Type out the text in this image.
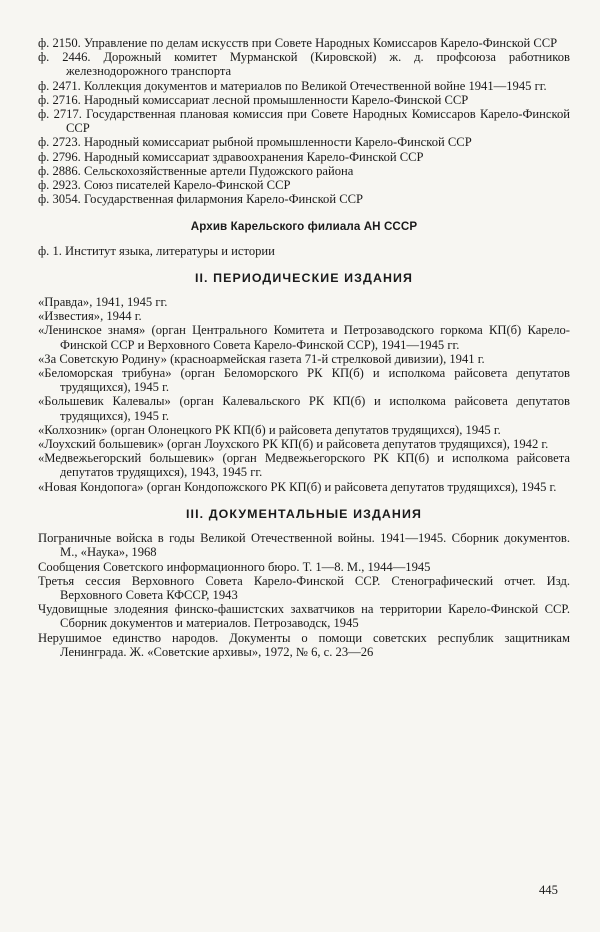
ф. 2150. Управление по делам искусств при Совете Народных Комиссаров Карело-Финской ССР

ф. 2446. Дорожный комитет Мурманской (Кировской) ж. д. профсоюза работников железнодорожного транспорта

ф. 2471. Коллекция документов и материалов по Великой Отечественной войне 1941—1945 гг.

ф. 2716. Народный комиссариат лесной промышленности Карело-Финской ССР

ф. 2717. Государственная плановая комиссия при Совете Народных Комиссаров Карело-Финской ССР

ф. 2723. Народный комиссариат рыбной промышленности Карело-Финской ССР

ф. 2796. Народный комиссариат здравоохранения Карело-Финской ССР

ф. 2886. Сельскохозяйственные артели Пудожского района

ф. 2923. Союз писателей Карело-Финской ССР

ф. 3054. Государственная филармония Карело-Финской ССР

Архив Карельского филиала АН СССР

ф. 1. Институт языка, литературы и истории

II. ПЕРИОДИЧЕСКИЕ ИЗДАНИЯ

«Правда», 1941, 1945 гг.

«Известия», 1944 г.

«Ленинское знамя» (орган Центрального Комитета и Петрозаводского горкома КП(б) Карело-Финской ССР и Верховного Совета Карело-Финской ССР), 1941—1945 гг.

«За Советскую Родину» (красноармейская газета 71-й стрелковой дивизии), 1941 г.

«Беломорская трибуна» (орган Беломорского РК КП(б) и исполкома райсовета депутатов трудящихся), 1945 г.

«Большевик Калевалы» (орган Калевальского РК КП(б) и исполкома райсовета депутатов трудящихся), 1945 г.

«Колхозник» (орган Олонецкого РК КП(б) и райсовета депутатов трудящихся), 1945 г.

«Лоухский большевик» (орган Лоухского РК КП(б) и райсовета депутатов трудящихся), 1942 г.

«Медвежьегорский большевик» (орган Медвежьегорского РК КП(б) и исполкома райсовета депутатов трудящихся), 1943, 1945 гг.

«Новая Кондопога» (орган Кондопожского РК КП(б) и райсовета депутатов трудящихся), 1945 г.

III. ДОКУМЕНТАЛЬНЫЕ ИЗДАНИЯ

Пограничные войска в годы Великой Отечественной войны. 1941—1945. Сборник документов. М., «Наука», 1968

Сообщения Советского информационного бюро. Т. 1—8. М., 1944—1945

Третья сессия Верховного Совета Карело-Финской ССР. Стенографический отчет. Изд. Верховного Совета КФССР, 1943

Чудовищные злодеяния финско-фашистских захватчиков на территории Карело-Финской ССР. Сборник документов и материалов. Петрозаводск, 1945

Нерушимое единство народов. Документы о помощи советских республик защитникам Ленинграда. Ж. «Советские архивы», 1972, № 6, с. 23—26

445
